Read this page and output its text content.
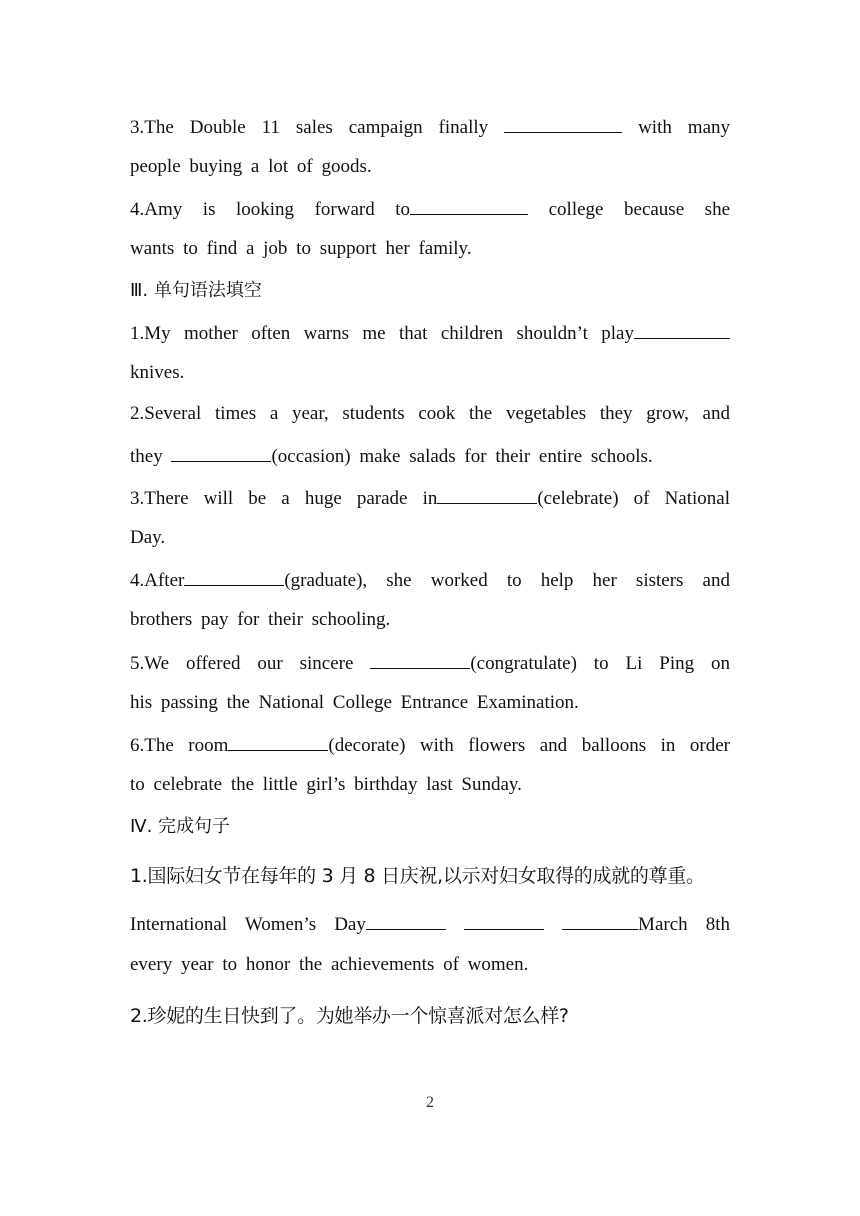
3.The Double 11 sales campaign finally	with many
people buying a lot of goods.
4.Amy is looking forward to	college because she
wants to find a job to support her family.
Ⅲ. 单句语法填空
1.My mother often warns me that children shouldn’t play
knives.
2.Several times a year, students cook the vegetables they grow, and
they	(occasion) make salads for their entire schools.
3.There will be a huge parade in	(celebrate) of National
Day.
4.After	(graduate), she worked to help her sisters and
brothers pay for their schooling.
5.We offered our sincere	(congratulate) to Li Ping on
his passing the National College Entrance Examination.
6.The room	(decorate) with flowers and balloons in order
to celebrate the little girl’s birthday last Sunday.
Ⅳ. 完成句子
1.国际妇女节在每年的 3 月 8 日庆祝,以示对妇女取得的成就的尊重。
International Women’s Day	March 8th
every year to honor the achievements of women.
2.珍妮的生日快到了。为她举办一个惊喜派对怎么样?
2
